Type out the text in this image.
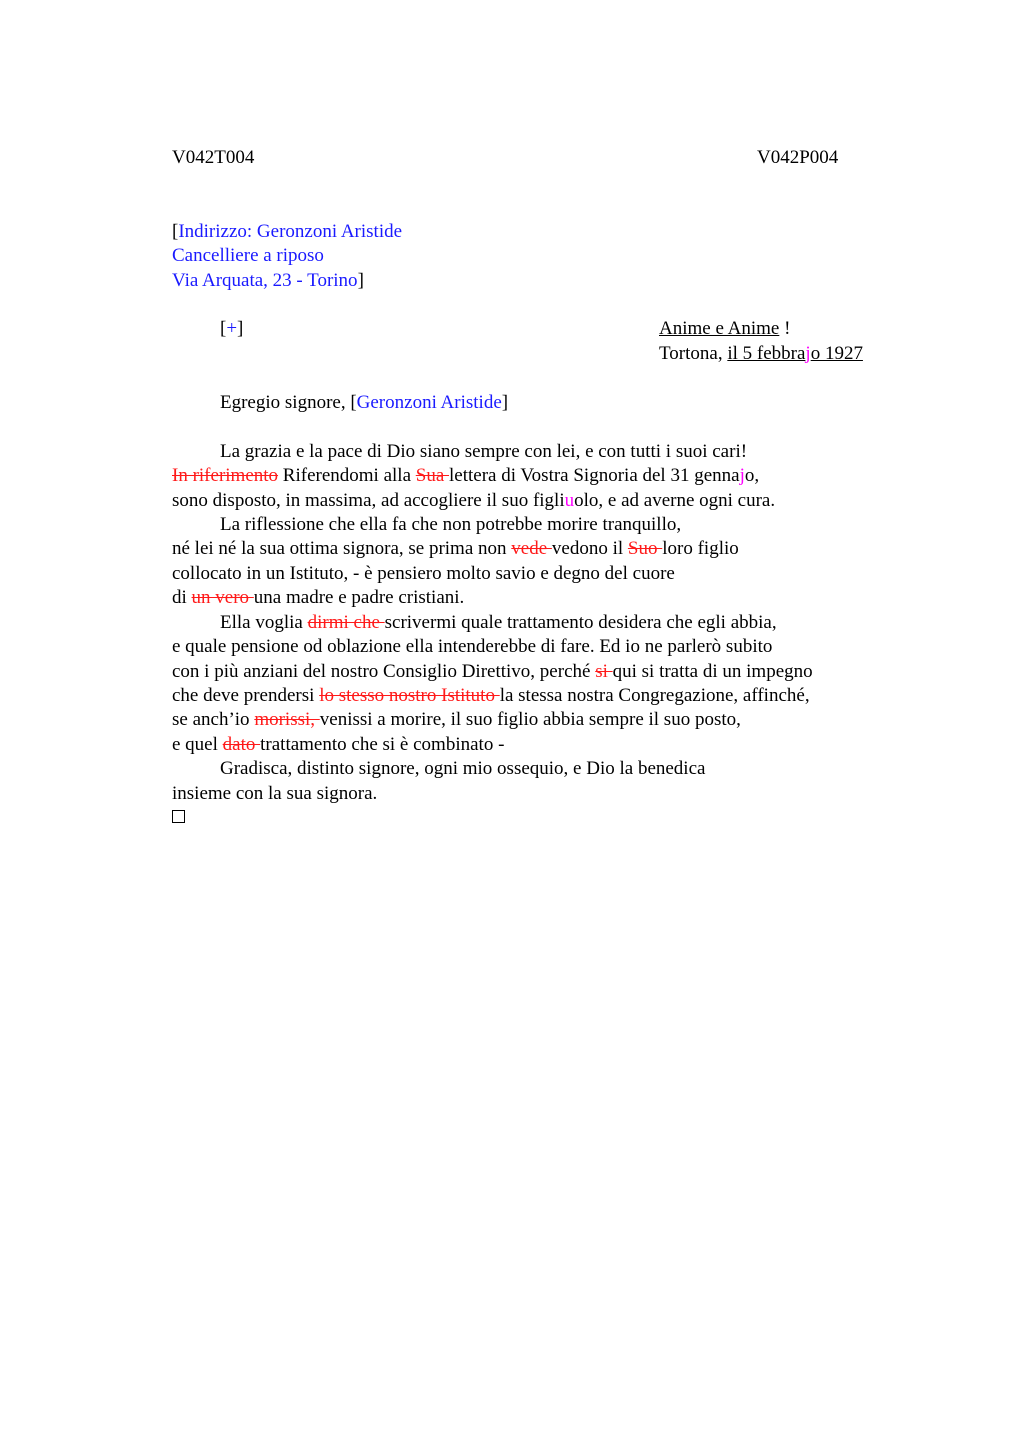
V042T004	V042P004
[Indirizzo: Geronzoni Aristide
Cancelliere a riposo
Via Arquata, 23 - Torino]
[+]	Anime e Anime !
Tortona, il 5 febbrajo 1927
Egregio signore, [Geronzoni Aristide]
La grazia e la pace di Dio siano sempre con lei, e con tutti i suoi cari!
In riferimento Riferendomi alla Sua lettera di Vostra Signoria del 31 gennajo,
sono disposto, in massima, ad accogliere il suo figliuolo, e ad averne ogni cura.
La riflessione che ella fa che non potrebbe morire tranquillo,
né lei né la sua ottima signora, se prima non vede vedono il Suo loro figlio
collocato in un Istituto, - è pensiero molto savio e degno del cuore
di un vero una madre e padre cristiani.
Ella voglia dirmi che scrivermi quale trattamento desidera che egli abbia,
e quale pensione od oblazione ella intenderebbe di fare. Ed io ne parlerò subito
con i più anziani del nostro Consiglio Direttivo, perché si qui si tratta di un impegno
che deve prendersi lo stesso nostro Istituto la stessa nostra Congregazione, affinché,
se anch’io morissi, venissi a morire, il suo figlio abbia sempre il suo posto,
e quel dato trattamento che si è combinato -
Gradisca, distinto signore, ogni mio ossequio, e Dio la benedica
insieme con la sua signora.
